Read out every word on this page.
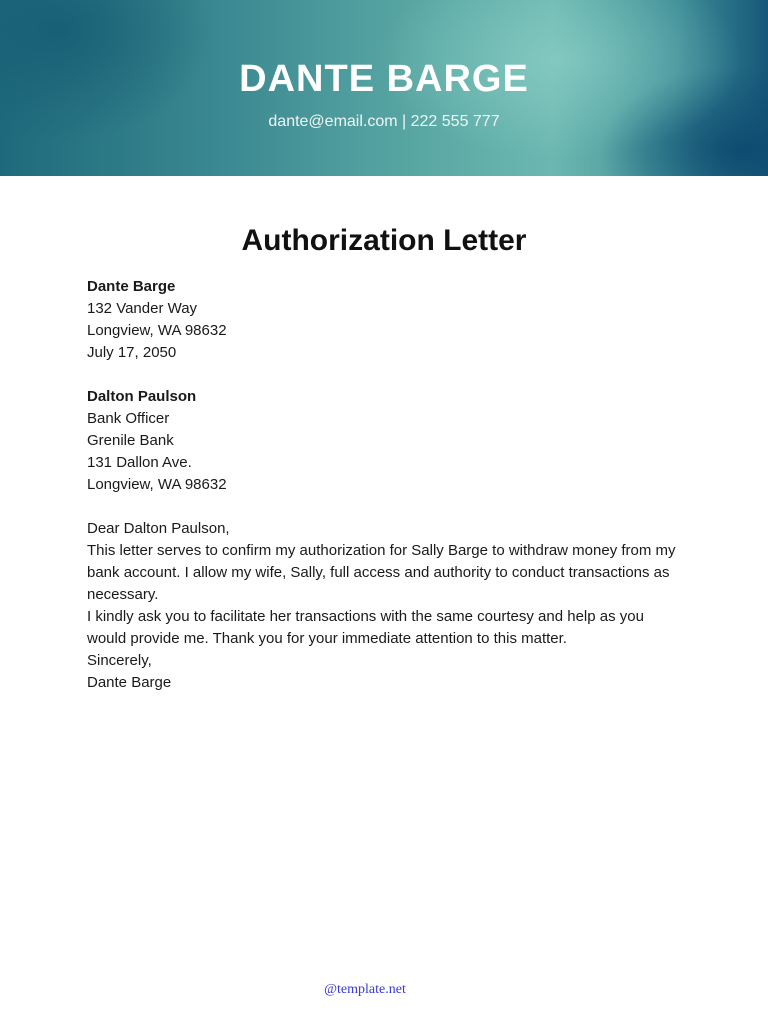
DANTE BARGE
dante@email.com | 222 555 777
Authorization Letter

Dante Barge

132 Vander Way

Longview, WA 98632

July 17, 2050

Dalton Paulson

Bank Officer

Grenile Bank

131 Dallon Ave.

Longview, WA 98632

Dear Dalton Paulson,

This letter serves to confirm my authorization for Sally Barge to withdraw money from my bank account. I allow my wife, Sally, full access and authority to conduct transactions as necessary.

I kindly ask you to facilitate her transactions with the same courtesy and help as you would provide me. Thank you for your immediate attention to this matter.

Sincerely,

Dante Barge

@template.net
